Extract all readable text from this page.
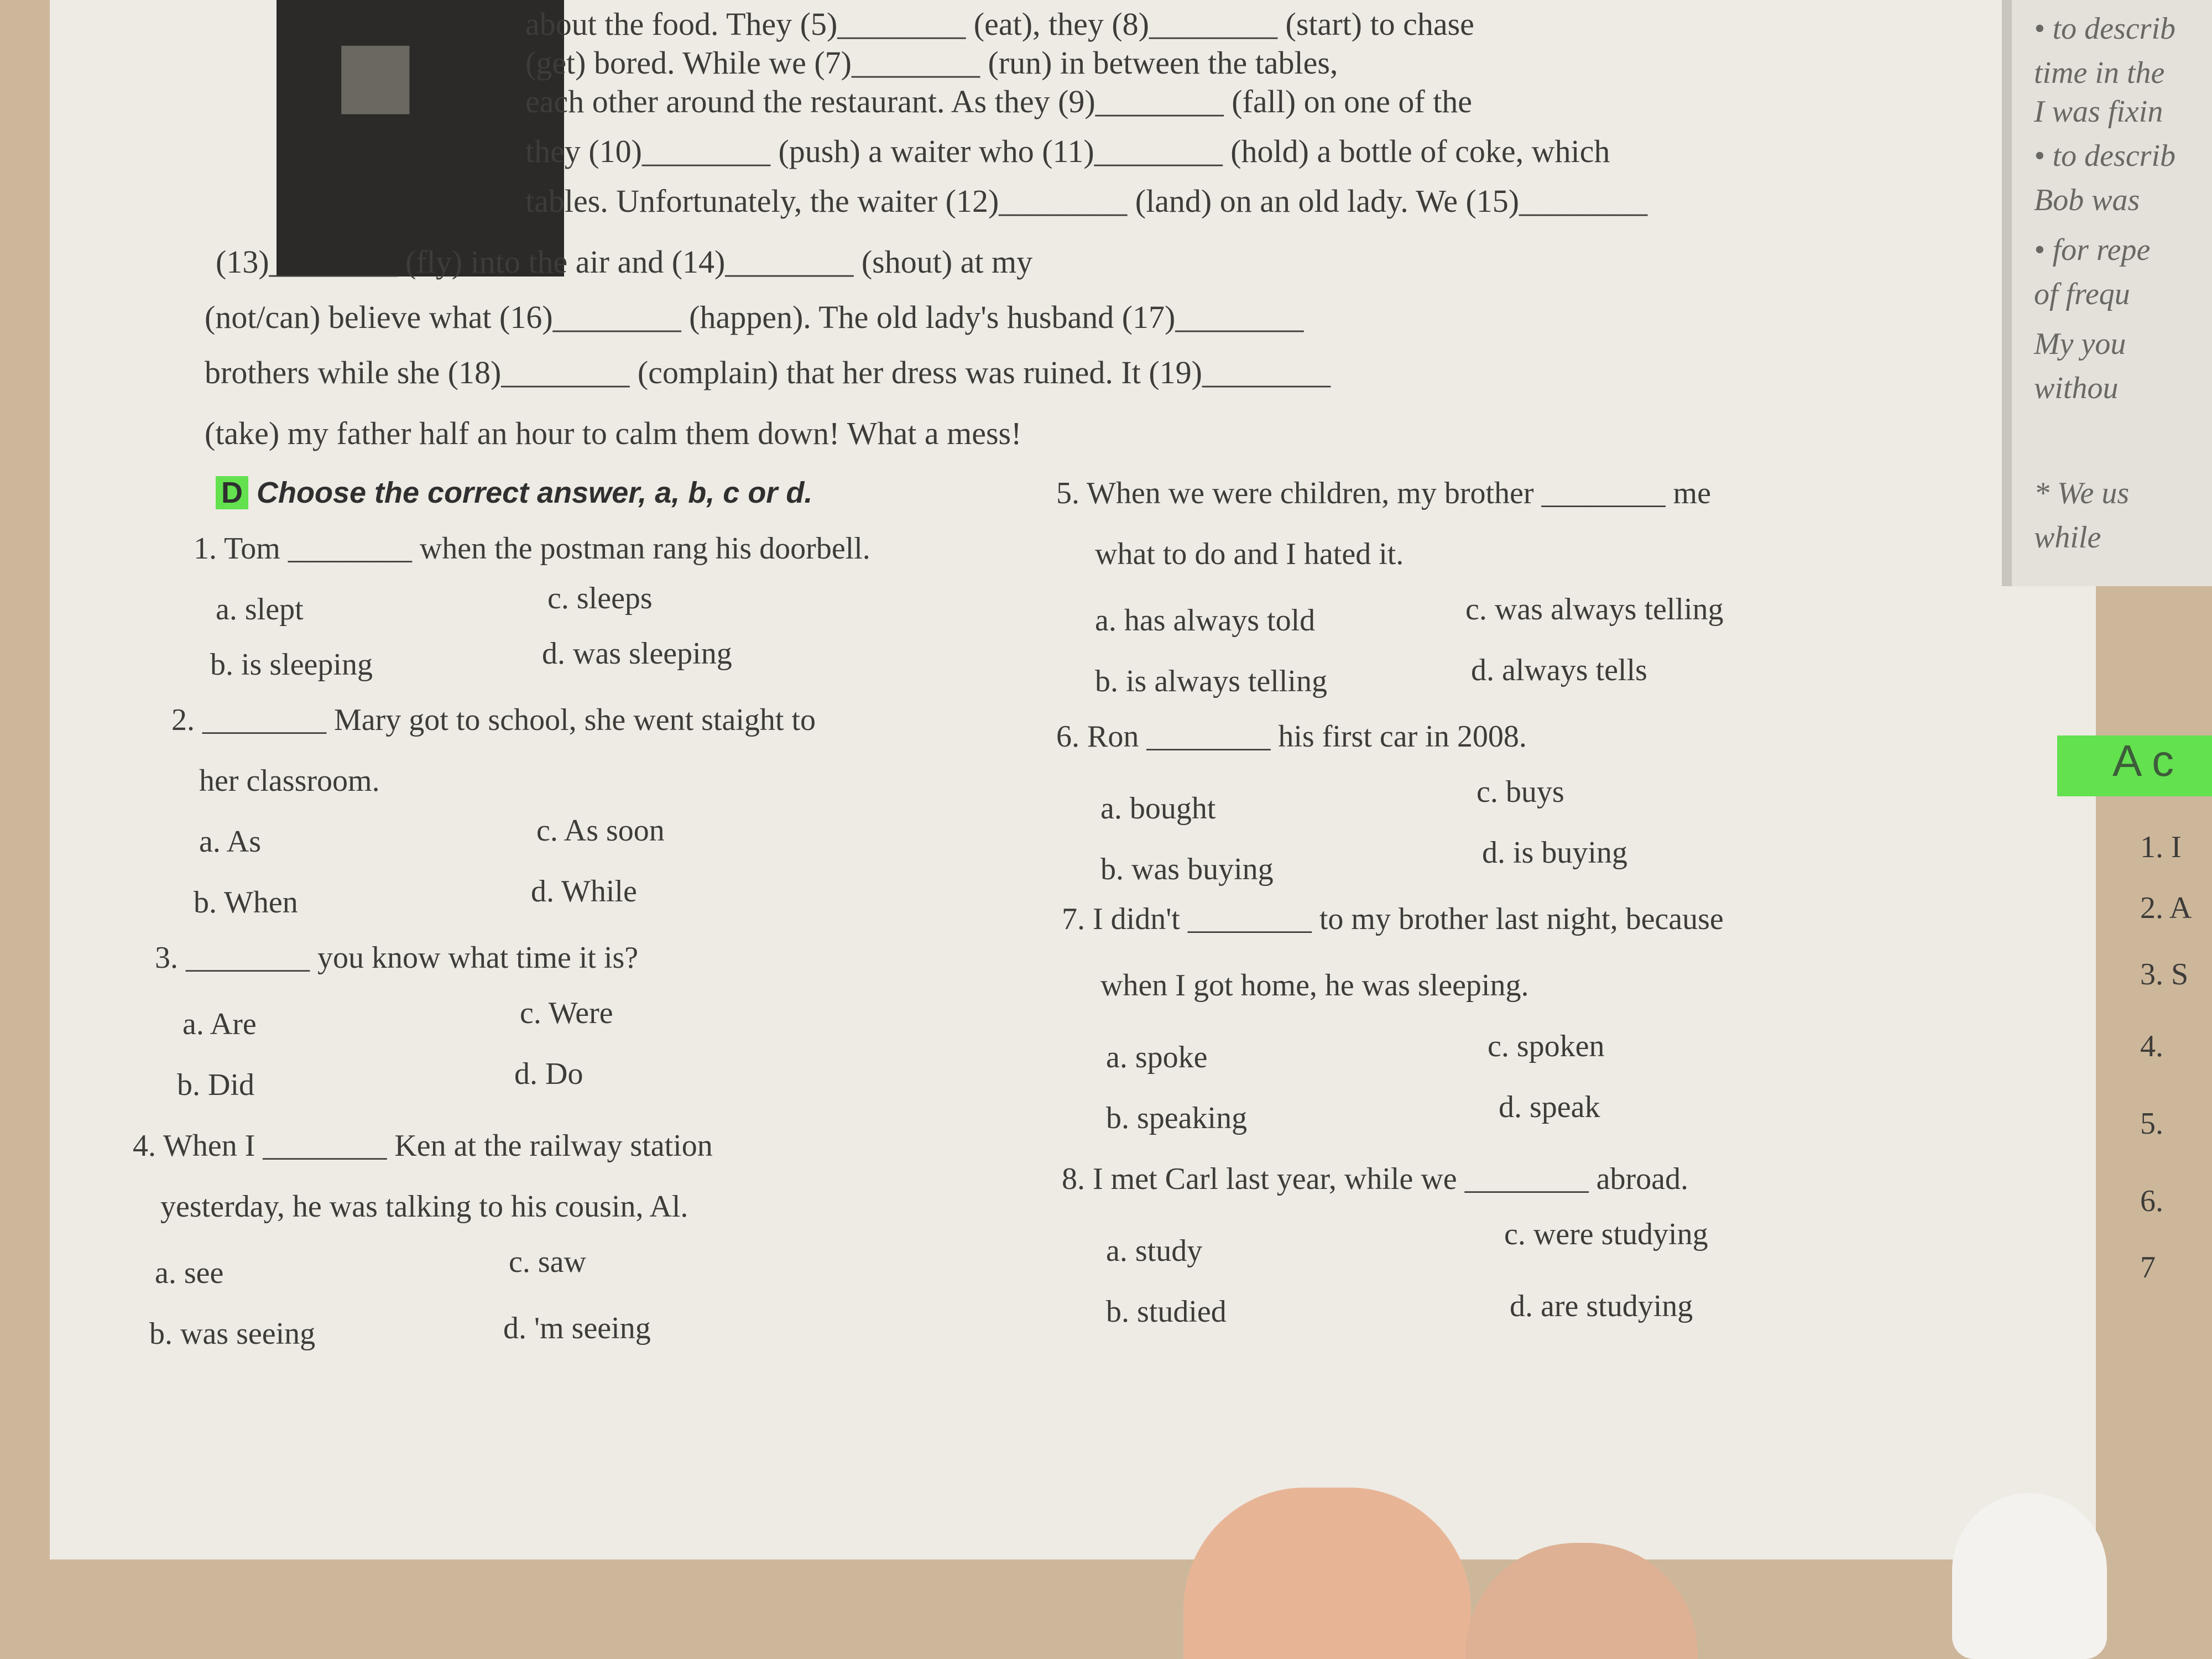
◼	about the food. They (5)________ (eat), they (8)________ (start) to chase
(get) bored. While we (7)________ (run) in between the tables,
each other around the restaurant. As they (9)________ (fall) on one of the
they (10)________ (push) a waiter who (11)________ (hold) a bottle of coke, which
tables. Unfortunately, the waiter (12)________ (land) on an old lady. We (15)________
(13)________ (fly) into the air and (14)________ (shout) at my
(not/can) believe what (16)________ (happen). The old lady's husband (17)________
brothers while she (18)________ (complain) that her dress was ruined. It (19)________
(take) my father half an hour to calm them down! What a mess!
D Choose the correct answer, a, b, c or d.
1. Tom ________ when the postman rang his doorbell.
a. slept	c. sleeps
b. is sleeping	d. was sleeping
2. ________ Mary got to school, she went staight to
her classroom.
a. As	c. As soon
b. When	d. While
3. ________ you know what time it is?
a. Are	c. Were
b. Did	d. Do
4. When I ________ Ken at the railway station
yesterday, he was talking to his cousin, Al.
a. see	c. saw
b. was seeing	d. 'm seeing
5. When we were children, my brother ________ me
what to do and I hated it.
a. has always told	c. was always telling
b. is always telling	d. always tells
6. Ron ________ his first car in 2008.
a. bought	c. buys
b. was buying	d. is buying
7. I didn't ________ to my brother last night, because
when I got home, he was sleeping.
a. spoke	c. spoken
b. speaking	d. speak
8. I met Carl last year, while we ________ abroad.
a. study	c. were studying
b. studied	d. are studying
• to describ
time in the
I was fixin
• to describ
Bob was
• for repe
of frequ
My you
withou
* We us
while
A c
1. I
2. A
3. S
4.
5.
6.
7
